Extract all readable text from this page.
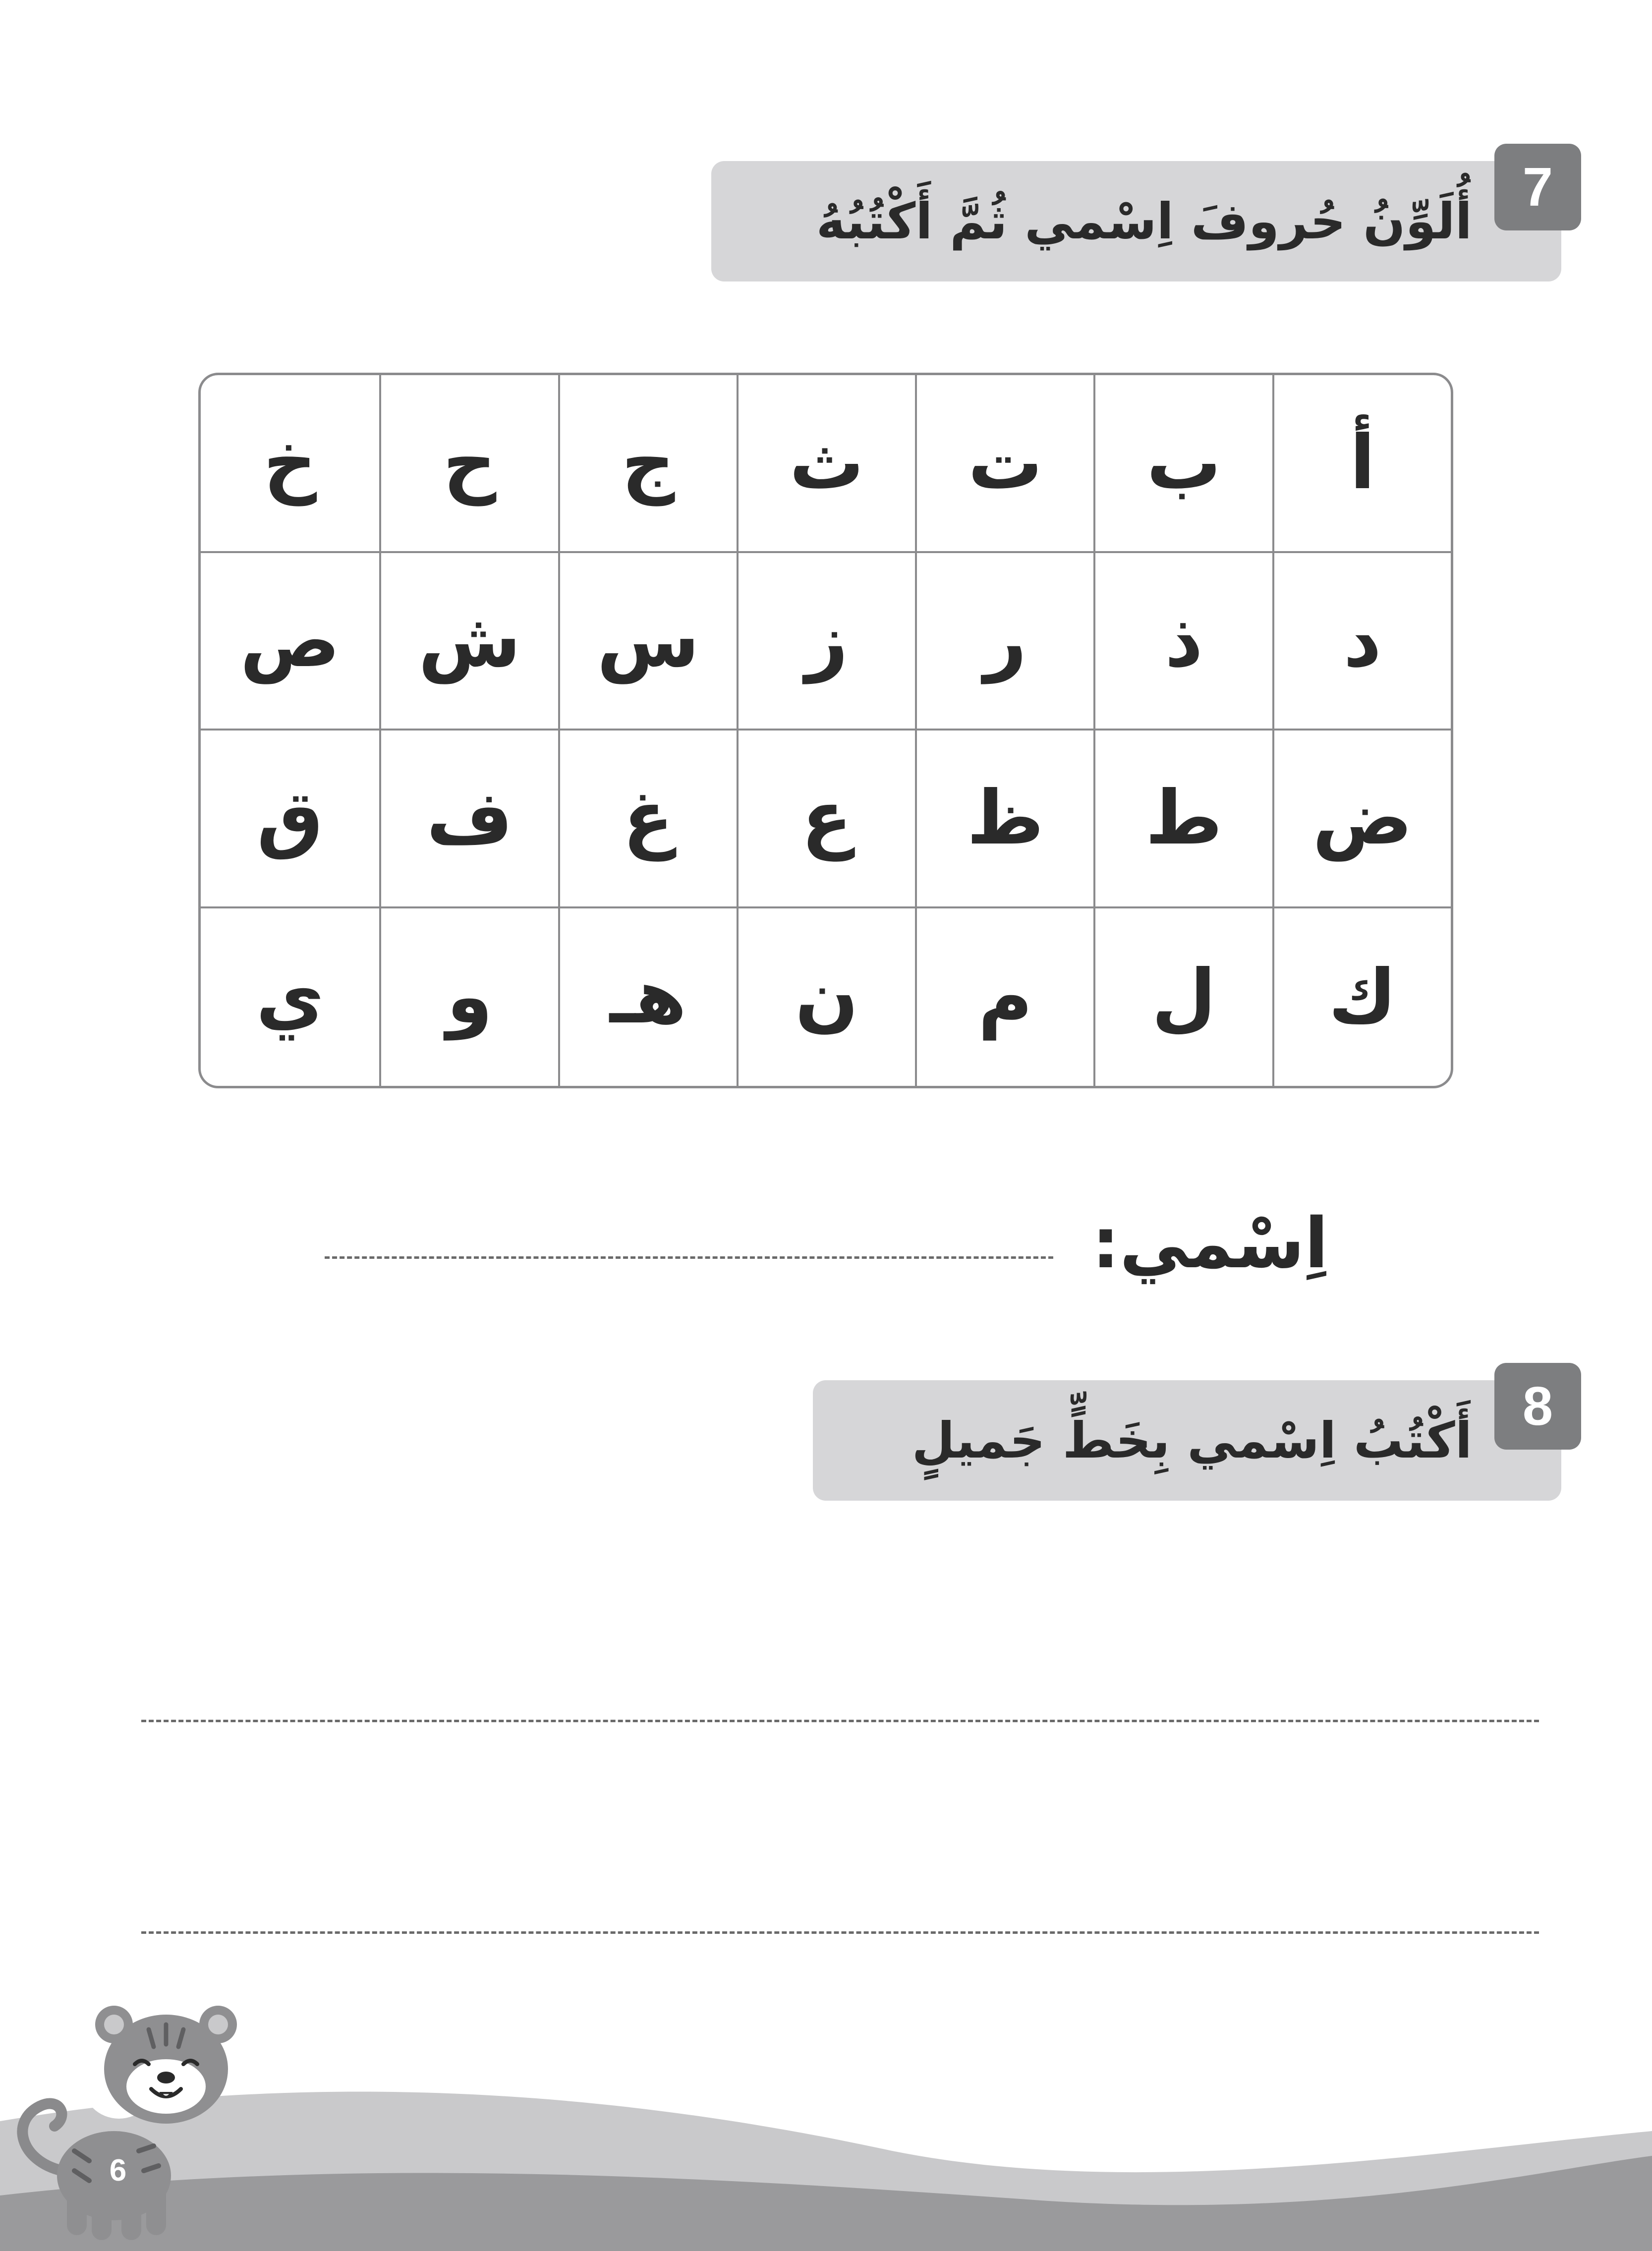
أُلَوِّنُ حُروفَ اِسْمي ثُمَّ أَكْتُبُهُ
7
أ
ب
ت
ث
ج
ح
خ
د
ذ
ر
ز
س
ش
ص
ض
ط
ظ
ع
غ
ف
ق
ك
ل
م
ن
هـ
و
ي
اِسْمي:
أَكْتُبُ اِسْمي بِخَطٍّ جَميلٍ
8
6
